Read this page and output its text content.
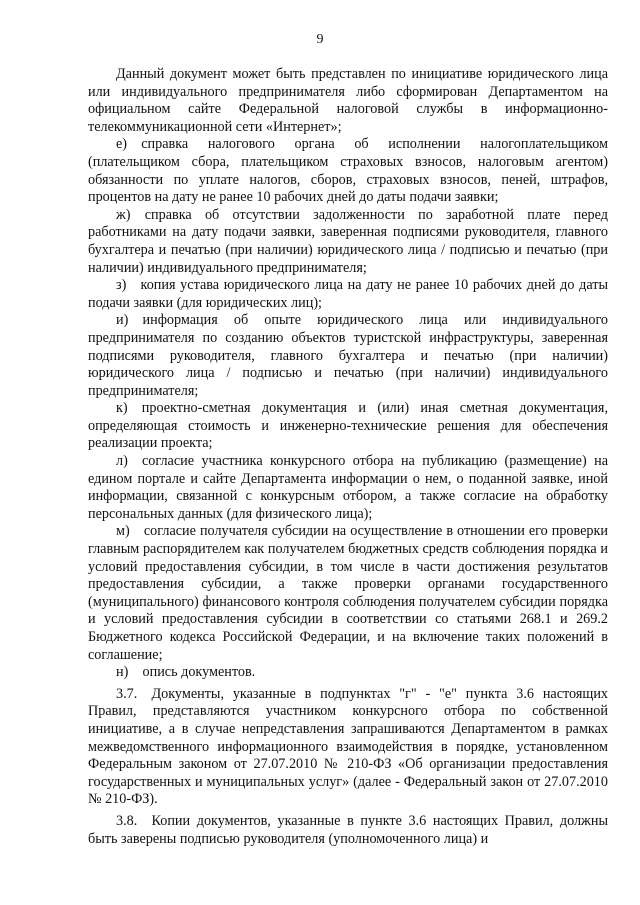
9

Данный документ может быть представлен по инициативе юридического лица или индивидуального предпринимателя либо сформирован Департаментом на официальном сайте Федеральной налоговой службы в информационно-телекоммуникационной сети «Интернет»;

е) справка налогового органа об исполнении налогоплательщиком (плательщиком сбора, плательщиком страховых взносов, налоговым агентом) обязанности по уплате налогов, сборов, страховых взносов, пеней, штрафов, процентов на дату не ранее 10 рабочих дней до даты подачи заявки;

ж) справка об отсутствии задолженности по заработной плате перед работниками на дату подачи заявки, заверенная подписями руководителя, главного бухгалтера и печатью (при наличии) юридического лица / подписью и печатью (при наличии) индивидуального предпринимателя;

з) копия устава юридического лица на дату не ранее 10 рабочих дней до даты подачи заявки (для юридических лиц);

и) информация об опыте юридического лица или индивидуального предпринимателя по созданию объектов туристской инфраструктуры, заверенная подписями руководителя, главного бухгалтера и печатью (при наличии) юридического лица / подписью и печатью (при наличии) индивидуального предпринимателя;

к) проектно-сметная документация и (или) иная сметная документация, определяющая стоимость и инженерно-технические решения для обеспечения реализации проекта;

л) согласие участника конкурсного отбора на публикацию (размещение) на едином портале и сайте Департамента информации о нем, о поданной заявке, иной информации, связанной с конкурсным отбором, а также согласие на обработку персональных данных (для физического лица);

м) согласие получателя субсидии на осуществление в отношении его проверки главным распорядителем как получателем бюджетных средств соблюдения порядка и условий предоставления субсидии, в том числе в части достижения результатов предоставления субсидии, а также проверки органами государственного (муниципального) финансового контроля соблюдения получателем субсидии порядка и условий предоставления субсидии в соответствии со статьями 268.1 и 269.2 Бюджетного кодекса Российской Федерации, и на включение таких положений в соглашение;

н) опись документов.

3.7. Документы, указанные в подпунктах "г" - "е" пункта 3.6 настоящих Правил, представляются участником конкурсного отбора по собственной инициативе, а в случае непредставления запрашиваются Департаментом в рамках межведомственного информационного взаимодействия в порядке, установленном Федеральным законом от 27.07.2010 № 210-ФЗ «Об организации предоставления государственных и муниципальных услуг» (далее - Федеральный закон от 27.07.2010 № 210-ФЗ).

3.8. Копии документов, указанные в пункте 3.6 настоящих Правил, должны быть заверены подписью руководителя (уполномоченного лица) и
